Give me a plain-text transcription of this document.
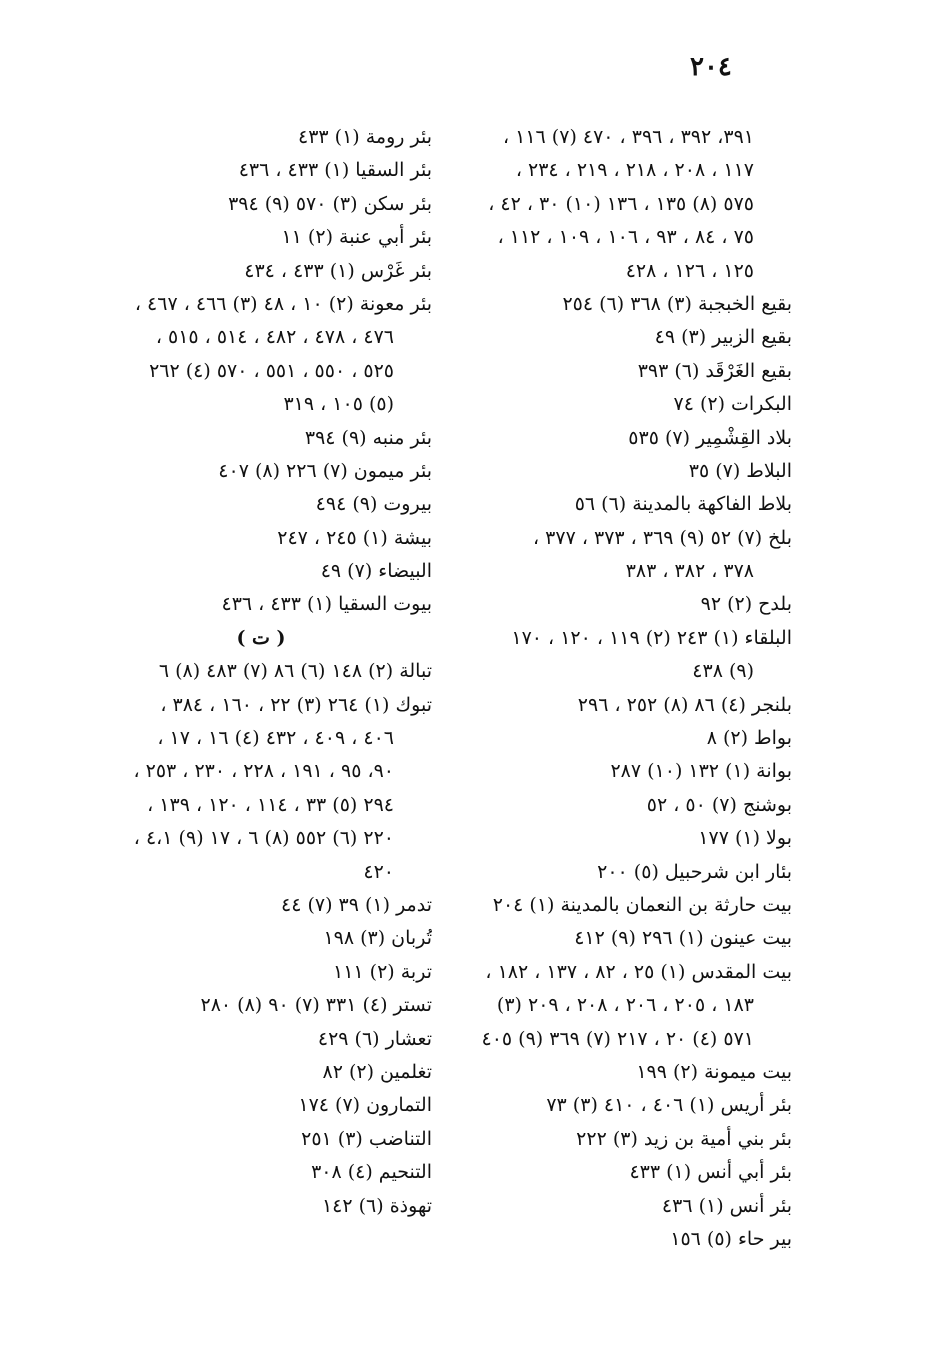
٢٠٤
٣٩١، ٣٩٢ ، ٣٩٦ ، ٤٧٠ (٧) ١١٦ ،
١١٧ ، ٢٠٨ ، ٢١٨ ، ٢١٩ ، ٢٣٤ ،
٥٧٥ (٨) ١٣٥ ، ١٣٦ (١٠) ٣٠ ، ٤٢ ،
٧٥ ، ٨٤ ، ٩٣ ، ١٠٦ ، ١٠٩ ، ١١٢ ،
١٢٥ ، ١٢٦ ، ٤٢٨
بقيع الخبجبة (٣) ٣٦٨ (٦) ٢٥٤
بقيع الزبير (٣) ٤٩
بقيع الغَرْقَد (٦) ٣٩٣
البكرات (٢) ٧٤
بلاد القِشْمِير (٧) ٥٣٥
البلاط (٧) ٣٥
بلاط الفاكهة بالمدينة (٦) ٥٦
بلخ (٧) ٥٢ (٩) ٣٦٩ ، ٣٧٣ ، ٣٧٧ ،
٣٧٨ ، ٣٨٢ ، ٣٨٣
بلدح (٢) ٩٢
البلقاء (١) ٢٤٣ (٢) ١١٩ ، ١٢٠ ، ١٧٠
(٩) ٤٣٨
بلنجر (٤) ٨٦ (٨) ٢٥٢ ، ٢٩٦
بواط (٢) ٨
بوانة (١) ١٣٢ (١٠) ٢٨٧
بوشنج (٧) ٥٠ ، ٥٢
بولا (١) ١٧٧
بئار ابن شرحبيل (٥) ٢٠٠
بيت حارثة بن النعمان بالمدينة (١) ٢٠٤
بيت عينون (١) ٢٩٦ (٩) ٤١٢
بيت المقدس (١) ٢٥ ، ٨٢ ، ١٣٧ ، ١٨٢ ،
١٨٣ ، ٢٠٥ ، ٢٠٦ ، ٢٠٨ ، ٢٠٩ (٣)
٥٧١ (٤) ٢٠ ، ٢١٧ (٧) ٣٦٩ (٩) ٤٠٥
بيت ميمونة (٢) ١٩٩
بئر أريس (١) ٤٠٦ ، ٤١٠ (٣) ٧٣
بئر بني أمية بن زيد (٣) ٢٢٢
بئر أبي أنس (١) ٤٣٣
بئر أنس (١) ٤٣٦
بير حاء (٥) ١٥٦
بئر رومة (١) ٤٣٣
بئر السقيا (١) ٤٣٣ ، ٤٣٦
بئر سكن (٣) ٥٧٠ (٩) ٣٩٤
بئر أبي عنبة (٢) ١١
بئر غَرْس (١) ٤٣٣ ، ٤٣٤
بئر معونة (٢) ١٠ ، ٤٨ (٣) ٤٦٦ ، ٤٦٧ ،
٤٧٦ ، ٤٧٨ ، ٤٨٢ ، ٥١٤ ، ٥١٥ ،
٥٢٥ ، ٥٥٠ ، ٥٥١ ، ٥٧٠ (٤) ٢٦٢
(٥) ١٠٥ ، ٣١٩
بئر منبه (٩) ٣٩٤
بئر ميمون (٧) ٢٢٦ (٨) ٤٠٧
بيروت (٩) ٤٩٤
بيشة (١) ٢٤٥ ، ٢٤٧
البيضاء (٧) ٤٩
بيوت السقيا (١) ٤٣٣ ، ٤٣٦
( ت )
تبالة (٢) ١٤٨ (٦) ٨٦ (٧) ٤٨٣ (٨) ٦
تبوك (١) ٢٦٤ (٣) ٢٢ ، ١٦٠ ، ٣٨٤ ،
٤٠٦ ، ٤٠٩ ، ٤٣٢ (٤) ١٦ ، ١٧ ،
٩٠، ٩٥ ، ١٩١ ، ٢٢٨ ، ٢٣٠ ، ٢٥٣ ،
٢٩٤ (٥) ٣٣ ، ١١٤ ، ١٢٠ ، ١٣٩ ،
٢٢٠ (٦) ٥٥٢ (٨) ٦ ، ١٧ (٩) ٤،١ ،
٤٢٠
تدمر (١) ٣٩ (٧) ٤٤
تُربان (٣) ١٩٨
تربة (٢) ١١١
تستر (٤) ٣٣١ (٧) ٩٠ (٨) ٢٨٠
تعشار (٦) ٤٢٩
تغلمين (٢) ٨٢
التمارون (٧) ١٧٤
التناضب (٣) ٢٥١
التنحيم (٤) ٣٠٨
تهوذة (٦) ١٤٢
